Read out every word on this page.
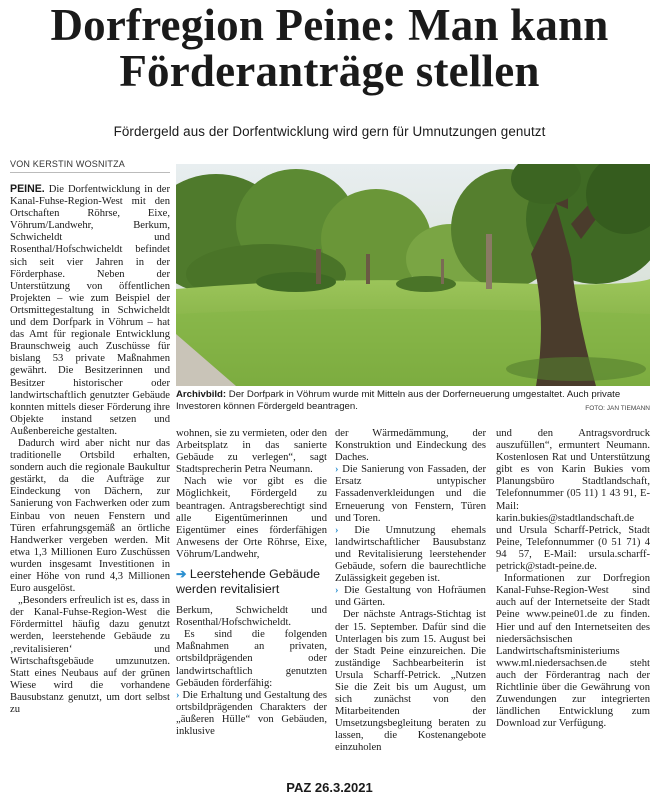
Dorfregion Peine: Man kann
Förderanträge stellen
Fördergeld aus der Dorfentwicklung wird gern für Umnutzungen genutzt
VON KERSTIN WOSNITZA
Archivbild: Der Dorfpark in Vöhrum wurde mit Mitteln aus der Dorferneuerung umgestaltet. Auch private Investoren können Fördergeld beantragen.	FOTO: JAN TIEMANN

PEINE. Die Dorfentwicklung in der Kanal-Fuhse-Region-West mit den Ortschaften Röhrse, Eixe, Vöhrum/Landwehr, Berkum, Schwicheldt und Rosenthal/Hofschwicheldt befindet sich seit vier Jahren in der Förderphase. Neben der Unterstützung von öffentlichen Projekten – wie zum Beispiel der Ortsmittegestaltung in Schwicheldt und dem Dorfpark in Vöhrum – hat das Amt für regionale Entwicklung Braunschweig auch Zuschüsse für bislang 53 private Maßnahmen gewährt. Die Besitzerinnen und Besitzer historischer oder landwirtschaftlich genutzter Gebäude konnten mittels dieser Förderung ihre Objekte instand setzen und Außenbereiche gestalten.

Dadurch wird aber nicht nur das traditionelle Ortsbild erhalten, sondern auch die regionale Baukultur gestärkt, da die Aufträge zur Eindeckung von Dächern, zur Sanierung von Fachwerken oder zum Einbau von neuen Fenstern und Türen erfahrungsgemäß an örtliche Handwerker vergeben werden. Mit etwa 1,3 Millionen Euro Zuschüssen wurden insgesamt Investitionen in einer Höhe von rund 4,3 Millionen Euro ausgelöst.

„Besonders erfreulich ist es, dass in der Kanal-Fuhse-Region-West die Fördermittel häufig dazu genutzt werden, leerstehende Gebäude zu ‚revitalisieren‘ und Wirtschaftsgebäude umzunutzen. Statt eines Neubaus auf der grünen Wiese wird die vorhandene Bausubstanz genutzt, um dort selbst zu

wohnen, sie zu vermieten, oder den Arbeitsplatz in das sanierte Gebäude zu verlegen“, sagt Stadtsprecherin Petra Neumann.

Nach wie vor gibt es die Möglichkeit, Fördergeld zu beantragen. Antragsberechtigt sind alle Eigentümerinnen und Eigentümer eines förderfähigen Anwesens der Orte Röhrse, Eixe, Vöhrum/Landwehr,

➔ Leerstehende Gebäude
werden revitalisiert

Berkum, Schwicheldt und Rosenthal/Hofschwicheldt.

Es sind die folgenden Maßnahmen an privaten, ortsbildprägenden oder landwirtschaftlich genutzten Gebäuden förderfähig:

› Die Erhaltung und Gestaltung des ortsbildprägenden Charakters der „äußeren Hülle“ von Gebäuden, inklusive

der Wärmedämmung, der Konstruktion und Eindeckung des Daches.

› Die Sanierung von Fassaden, der Ersatz untypischer Fassadenverkleidungen und die Erneuerung von Fenstern, Türen und Toren.

› Die Umnutzung ehemals landwirtschaftlicher Bausubstanz und Revitalisierung leerstehender Gebäude, sofern die baurechtliche Zulässigkeit gegeben ist.

› Die Gestaltung von Hofräumen und Gärten.

Der nächste Antrags-Stichtag ist der 15. September. Dafür sind die Unterlagen bis zum 15. August bei der Stadt Peine einzureichen. Die zuständige Sachbearbeiterin ist Ursula Scharff-Petrick. „Nutzen Sie die Zeit bis um August, um sich zunächst von den Mitarbeitenden der Umsetzungsbegleitung beraten zu lassen, die Kostenangebote einzuholen

und den Antragsvordruck auszufüllen“, ermuntert Neumann. Kostenlosen Rat und Unterstützung gibt es von Karin Bukies vom Planungsbüro Stadtlandschaft, Telefonnummer (05 11) 1 43 91, E-Mail: karin.bukies@stadtlandschaft.de und Ursula Scharff-Petrick, Stadt Peine, Telefonnummer (0 51 71) 4 94 57, E-Mail: ursula.scharff-petrick@stadt-peine.de.

Informationen zur Dorfregion Kanal-Fuhse-Region-West sind auch auf der Internetseite der Stadt Peine www.peine01.de zu finden. Hier und auf den Internetseiten des niedersächsischen Landwirtschaftsministeriums www.ml.niedersachsen.de steht auch der Förderantrag nach der Richtlinie über die Gewährung von Zuwendungen zur integrierten ländlichen Entwicklung zum Download zur Verfügung.

PAZ 26.3.2021
